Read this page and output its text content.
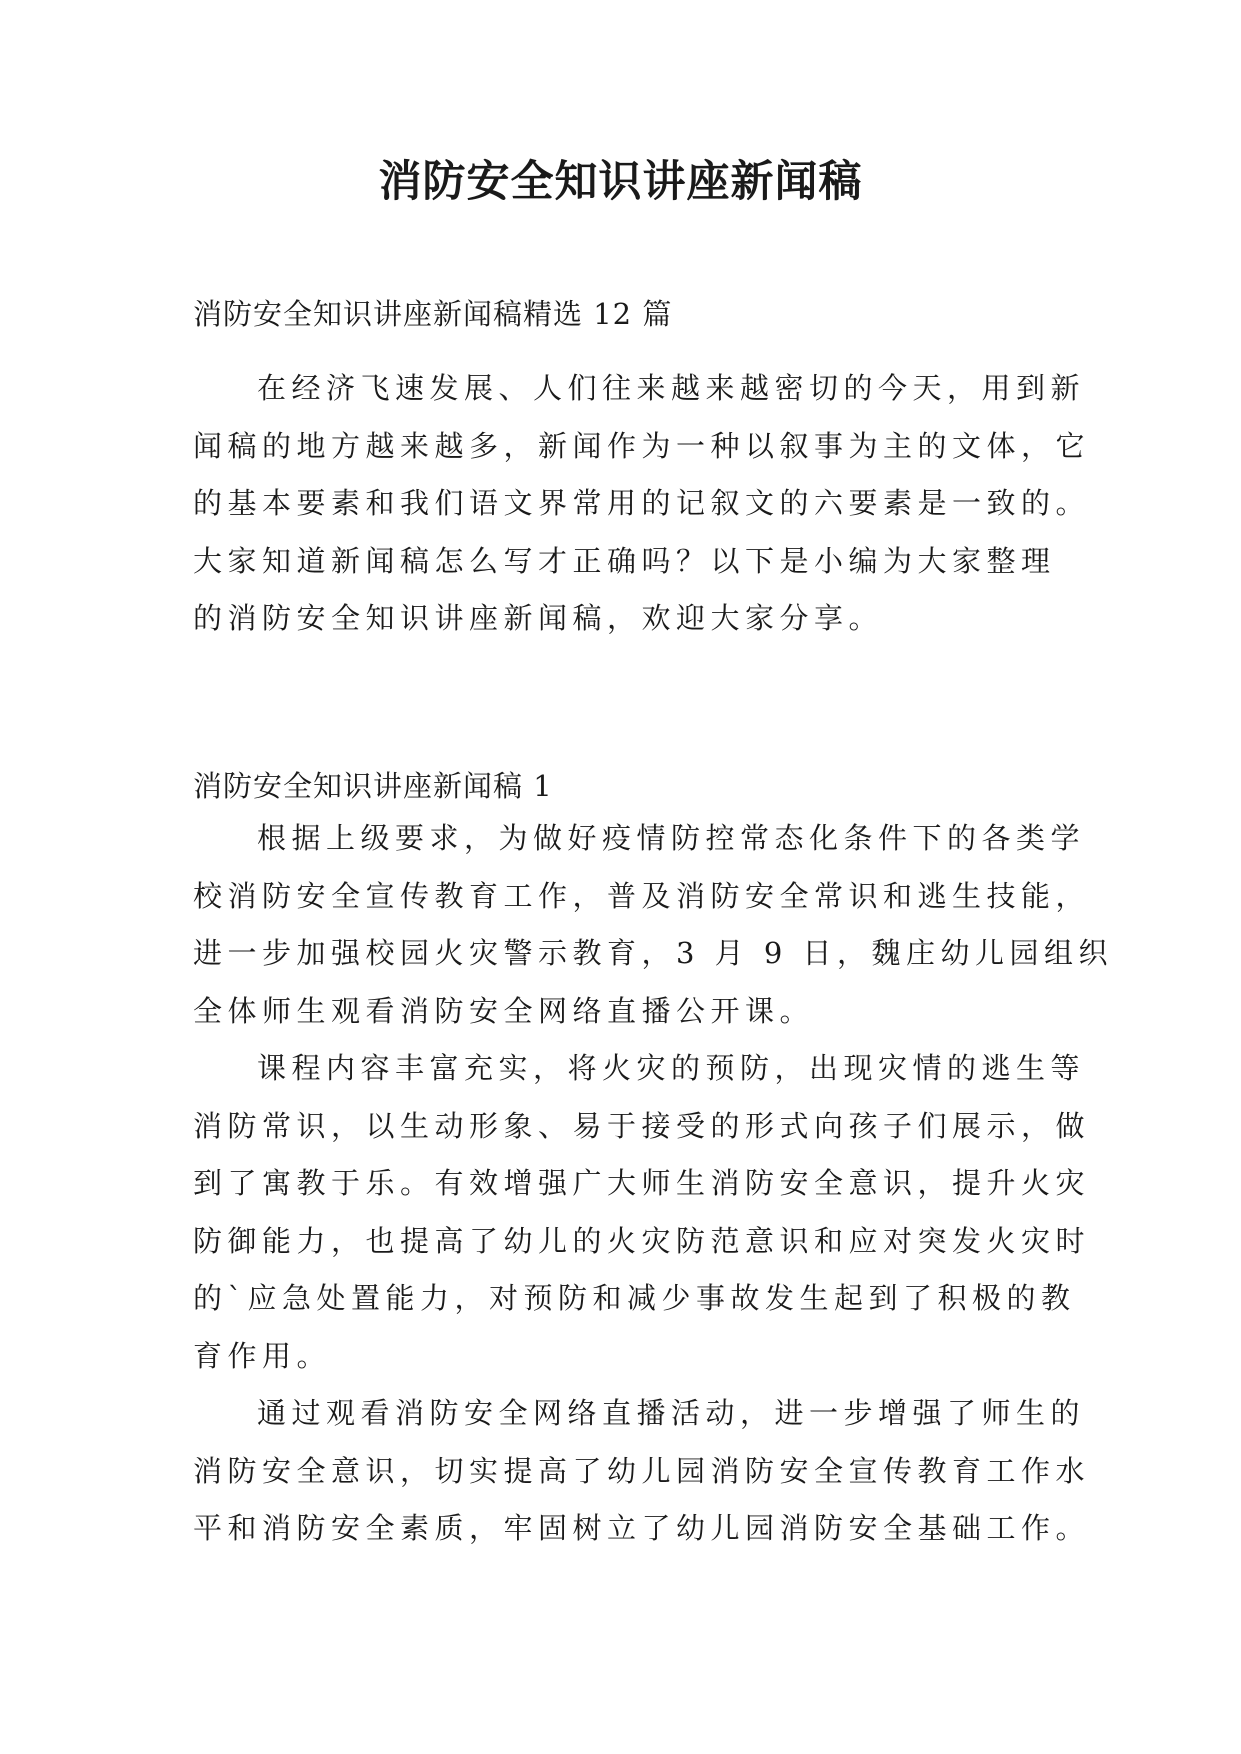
消防安全知识讲座新闻稿
消防安全知识讲座新闻稿精选 12 篇
在经济飞速发展、人们往来越来越密切的今天，用到新
闻稿的地方越来越多，新闻作为一种以叙事为主的文体，它
的基本要素和我们语文界常用的记叙文的六要素是一致的。
大家知道新闻稿怎么写才正确吗？以下是小编为大家整理
的消防安全知识讲座新闻稿，欢迎大家分享。
消防安全知识讲座新闻稿 1
根据上级要求，为做好疫情防控常态化条件下的各类学
校消防安全宣传教育工作，普及消防安全常识和逃生技能，
进一步加强校园火灾警示教育，3 月 9 日，魏庄幼儿园组织
全体师生观看消防安全网络直播公开课。
课程内容丰富充实，将火灾的预防，出现灾情的逃生等
消防常识，以生动形象、易于接受的形式向孩子们展示，做
到了寓教于乐。有效增强广大师生消防安全意识，提升火灾
防御能力，也提高了幼儿的火灾防范意识和应对突发火灾时
的`应急处置能力，对预防和减少事故发生起到了积极的教
育作用。
通过观看消防安全网络直播活动，进一步增强了师生的
消防安全意识，切实提高了幼儿园消防安全宣传教育工作水
平和消防安全素质，牢固树立了幼儿园消防安全基础工作。
